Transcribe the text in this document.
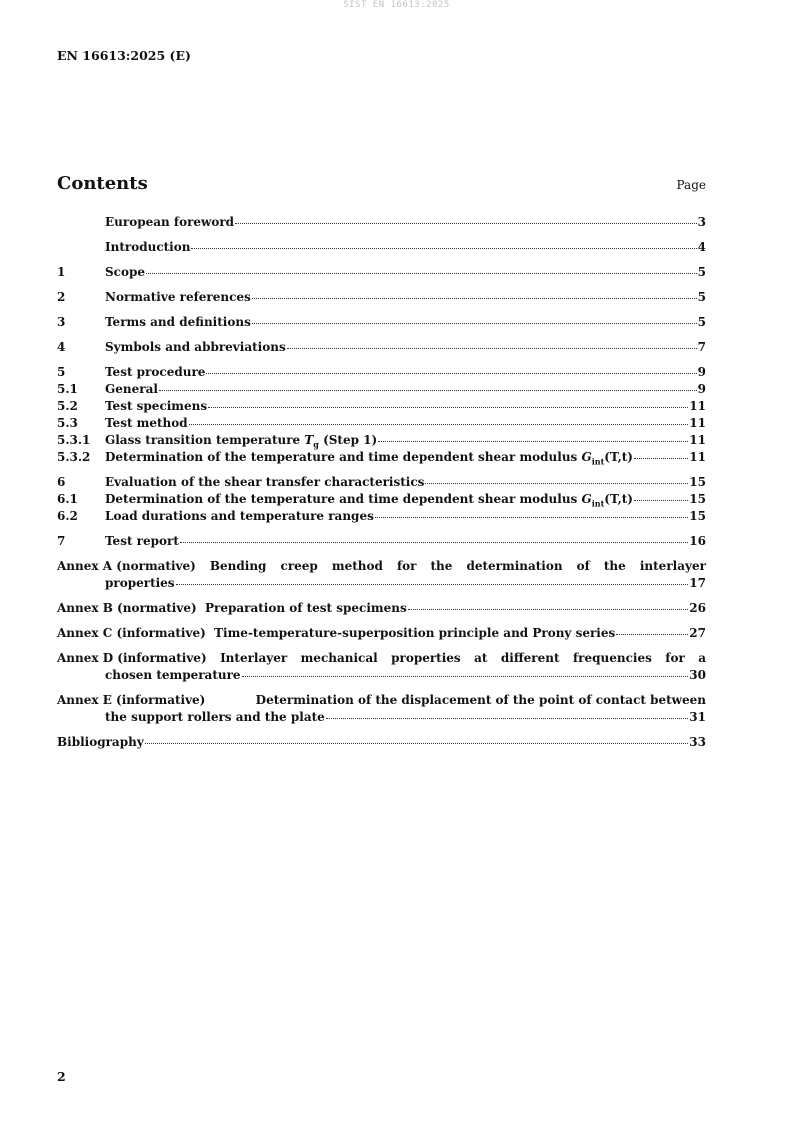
SIST EN 16613:2025
EN 16613:2025 (E)
Contents	Page
European foreword	3
Introduction	4
1	Scope	5
2	Normative references	5
3	Terms and definitions	5
4	Symbols and abbreviations	7
5	Test procedure	9
5.1	General	9
5.2	Test specimens	11
5.3	Test method	11
5.3.1	Glass transition temperature $T_g$ (Step 1)	11
5.3.2	Determination of the temperature and time dependent shear modulus $G_{int}(T,t)$	11
6	Evaluation of the shear transfer characteristics	15
6.1	Determination of the temperature and time dependent shear modulus $G_{int}(T,t)$	15
6.2	Load durations and temperature ranges	15
7	Test report	16
Annex A (normative) Bending creep method for the determination of the interlayer
properties	17
Annex B (normative)  Preparation of test specimens	26
Annex C (informative)  Time-temperature-superposition principle and Prony series	27
Annex D (informative) Interlayer mechanical properties at different frequencies for a
chosen temperature	30
Annex E (informative)	Determination of the displacement of the point of contact between
the support rollers and the plate	31
Bibliography	33
2
